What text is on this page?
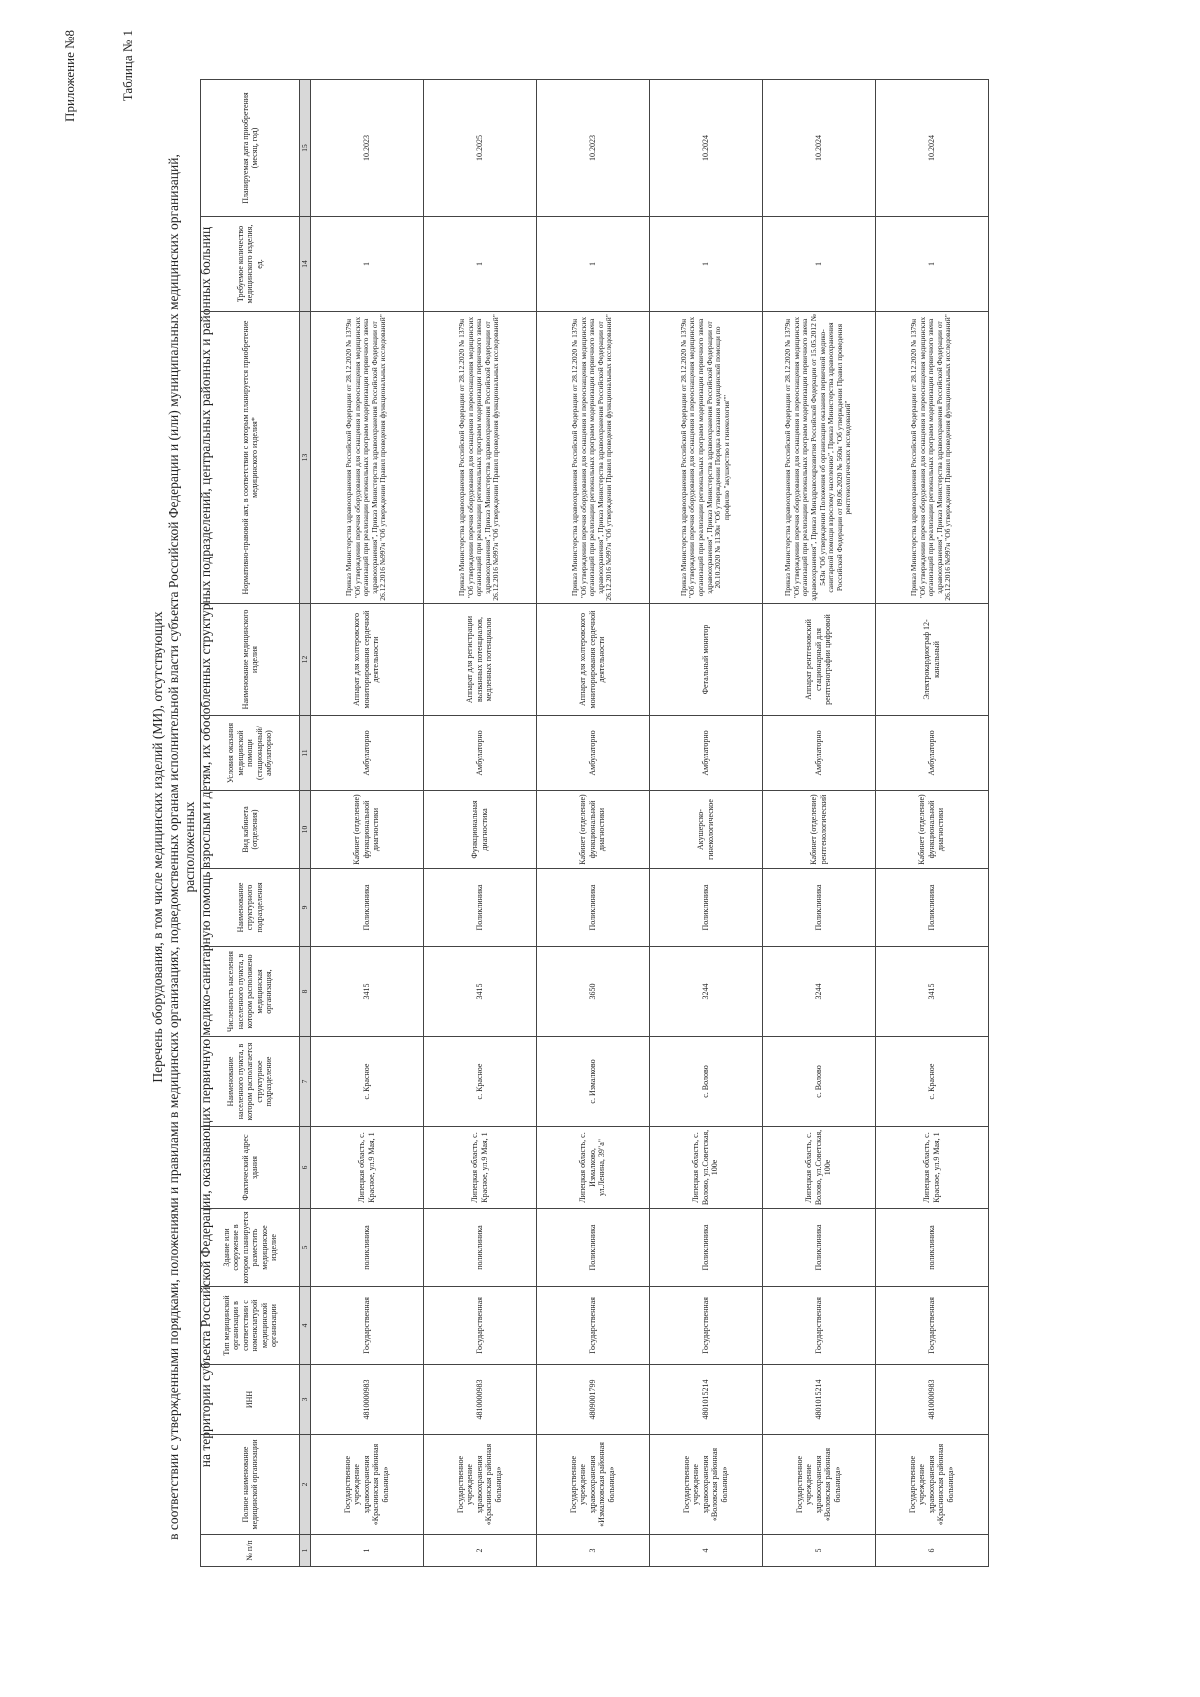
Приложение №8	Таблица № 1
Перечень оборудования, в том числе медицинских изделий (МИ), отсутствующих в соответствии с утвержденными порядками, положениями и правилами в медицинских организациях, подведомственных органам исполнительной власти субъекта Российской Федерации и (или) муниципальных медицинских организаций, расположенных на территории субъекта Российской Федерации, оказывающих первичную медико-санитарную помощь взрослым и детям, их обособленных структурных подразделений, центральных районных и районных больниц
№ п/п	Полное наименование медицинской организации	ИНН	Тип медицинской организации в соответствии с номенклатурой медицинской организации	Здание или сооружение в котором планируется разместить медицинское изделие	Фактический адрес здания	Наименование населенного пункта, в котором располагается структурное подразделение	Численность населения населенного пункта, в котором расположено медицинская организация,	Наименование структурного подразделения	Вид кабинета (отделения)	Условия оказания медицинской помощи (стационарный/амбулаторно)	Наименование медицинского изделия	Нормативно-правовой акт, в соответствии с которым планируется приобретение медицинского изделия*	Требуемое количество медицинского изделия, ед.	Планируемая дата приобретения (месяц, год)
1	2	3	4	5	6	7	8	9	10	11	12	13	14	15
1	Государственное учреждение здравоохранения «Краснинская районная больница»	4810000983	Государственная	поликлиника	Липецкая область, с. Красное, ул.9 Мая, 1	с. Красное	3415	Поликлиника	Кабинет (отделение) функциональной диагностики	Амбулаторно	Аппарат для холтеровского мониторирования сердечной деятельности	Приказ Министерства здравоохранения Российской Федерации от 28.12.2020 № 1379н "Об утверждении перечня оборудования для оснащения и переоснащения медицинских организаций при реализации региональных программ модернизации первичного звена здравоохранения", Приказ Министерства здравоохранения Российской Федерации от 26.12.2016 №997н "Об утверждении Правил проведения функциональных исследований"	1	10.2023
2	Государственное учреждение здравоохранения «Краснинская районная больница»	4810000983	Государственная	поликлиника	Липецкая область, с. Красное, ул.9 Мая, 1	с. Красное	3415	Поликлиника	Функциональная диагностика	Амбулаторно	Аппарат для регистрации вызванных потенциалов, медленных потенциалов	Приказ Министерства здравоохранения Российской Федерации от 28.12.2020 № 1379н "Об утверждении перечня оборудования для оснащения и переоснащения медицинских организаций при реализации региональных программ модернизации первичного звена здравоохранения", Приказ Министерства здравоохранения Российской Федерации от 26.12.2016 №997н "Об утверждении Правил проведения функциональных исследований"	1	10.2025
3	Государственное учреждение здравоохранения «Измалковская районная больница»	4809001799	Государственная	Поликлиника	Липецкая область, с. Измалково, ул.Ленина, 39"а"	с. Измалково	3650	Поликлиника	Кабинет (отделение) функциональной диагностики	Амбулаторно	Аппарат для холтеровского мониторирования сердечной деятельности	Приказ Министерства здравоохранения Российской Федерации от 28.12.2020 № 1379н "Об утверждении перечня оборудования для оснащения и переоснащения медицинских организаций при реализации региональных программ модернизации первичного звена здравоохранения", Приказ Министерства здравоохранения Российской Федерации от 26.12.2016 №997н "Об утверждении Правил проведения функциональных исследований"	1	10.2023
4	Государственное учреждение здравоохранения «Воловская районная больница»	4801015214	Государственная	Поликлиника	Липецкая область, с. Волово, ул.Советская, 100е	с. Волово	3244	Поликлиника	Акушерско-гинекологическое	Амбулаторно	Фетальный монитор	Приказ Министерства здравоохранения Российской Федерации от 28.12.2020 № 1379н "Об утверждении перечня оборудования для оснащения и переоснащения медицинских организаций при реализации региональных программ модернизации первичного звена здравоохранения", Приказ Министерства здравоохранения Российской Федерации от 20.10.2020 № 1130н "Об утверждении Порядка оказания медицинской помощи по профилю "акушерство и гинекология""	1	10.2024
5	Государственное учреждение здравоохранения «Воловская районная больница»	4801015214	Государственная	Поликлиника	Липецкая область, с. Волово, ул.Советская, 100е	с. Волово	3244	Поликлиника	Кабинет (отделение) рентгенологический	Амбулаторно	Аппарат рентгеновский стационарный для рентгенографии цифровой	Приказ Министерства здравоохранения Российской Федерации от 28.12.2020 № 1379н "Об утверждении перечня оборудования для оснащения и переоснащения медицинских организаций при реализации региональных программ модернизации первичного звена здравоохранения", Приказ Минздравсоцразвития Российской Федерации от 15.05.2012 № 543н "Об утверждении Положения об организации оказания первичной медико-санитарной помощи взрослому населению", Приказ Министерства здравоохранения Российской Федерации от 09.06.2020 № 560н "Об утверждении Правил проведения рентгенологических исследований"	1	10.2024
6	Государственное учреждение здравоохранения «Краснинская районная больница»	4810000983	Государственная	поликлиника	Липецкая область, с. Красное, ул.9 Мая, 1	с. Красное	3415	Поликлиника	Кабинет (отделение) функциональной диагностики	Амбулаторно	Электрокардиограф 12-канальный	Приказ Министерства здравоохранения Российской Федерации от 28.12.2020 № 1379н "Об утверждении перечня оборудования для оснащения и переоснащения медицинских организаций при реализации региональных программ модернизации первичного звена здравоохранения", Приказ Министерства здравоохранения Российской Федерации от 26.12.2016 №997н "Об утверждении Правил проведения функциональных исследований"	1	10.2024
